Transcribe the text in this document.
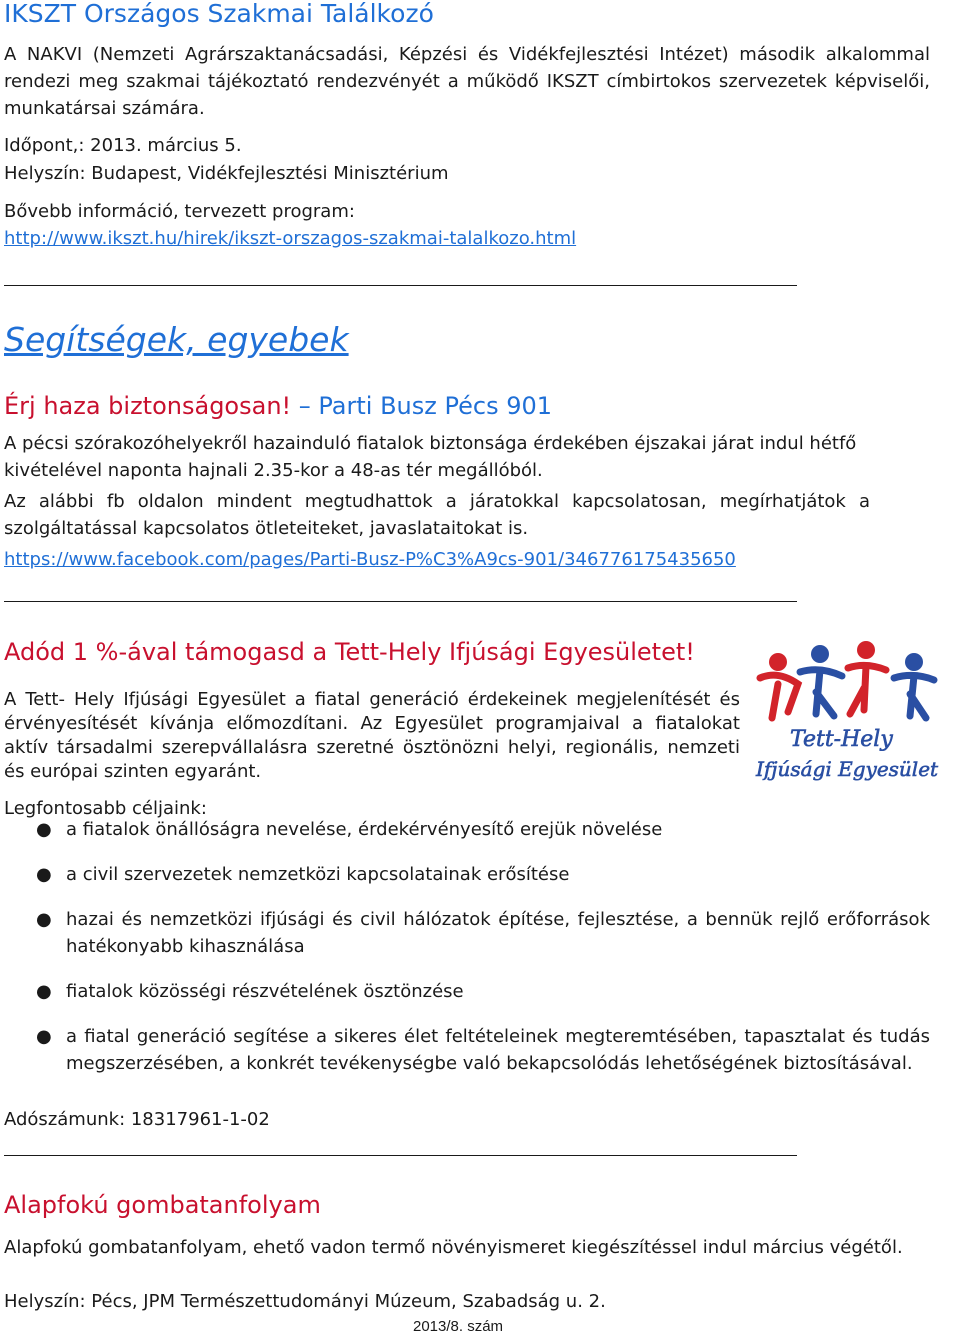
IKSZT Országos Szakmai Találkozó

A NAKVI (Nemzeti Agrárszaktanácsadási, Képzési és Vidékfejlesztési Intézet) második alkalommal rendezi meg szakmai tájékoztató rendezvényét a működő IKSZT címbirtokos szervezetek képviselői, munkatársai számára.

Időpont,: 2013. március 5.

Helyszín: Budapest, Vidékfejlesztési Minisztérium

Bővebb információ, tervezett program:

http://www.ikszt.hu/hirek/ikszt-orszagos-szakmai-talalkozo.html
Segítségek, egyebek
Érj haza biztonságosan! – Parti Busz Pécs 901

A pécsi szórakozóhelyekről hazainduló fiatalok biztonsága érdekében éjszakai járat indul hétfő kivételével naponta hajnali 2.35-kor a 48-as tér megállóból.

Az alábbi fb oldalon mindent megtudhattok a járatokkal kapcsolatosan, megírhatjátok a szolgáltatással kapcsolatos ötleteiteket, javaslataitokat is.

https://www.facebook.com/pages/Parti-Busz-P%C3%A9cs-901/346776175435650
Adód 1 %-ával támogasd a Tett-Hely Ifjúsági Egyesületet!

A Tett- Hely Ifjúsági Egyesület a fiatal generáció érdekeinek megjelenítését és érvényesítését kívánja előmozdítani. Az Egyesület programjaival a fiatalokat aktív társadalmi szerepvállalásra szeretné ösztönözni helyi, regionális, nemzeti és európai szinten egyaránt.

Legfontosabb céljaink:

● a fiatalok önállóságra nevelése, érdekérvényesítő erejük növelése
● a civil szervezetek nemzetközi kapcsolatainak erősítése
● hazai és nemzetközi ifjúsági és civil hálózatok építése, fejlesztése, a bennük rejlő erőforrások hatékonyabb kihasználása
● fiatalok közösségi részvételének ösztönzése
● a fiatal generáció segítése a sikeres élet feltételeinek megteremtésében, tapasztalat és tudás megszerzésében, a konkrét tevékenységbe való bekapcsolódás lehetőségének biztosításával.

Adószámunk: 18317961-1-02

Alapfokú gombatanfolyam

Alapfokú gombatanfolyam, ehető vadon termő növényismeret kiegészítéssel indul március végétől.

Helyszín: Pécs, JPM Természettudományi Múzeum, Szabadság u. 2.

Tett-Hely
Ifjúsági Egyesület
2013/8. szám
